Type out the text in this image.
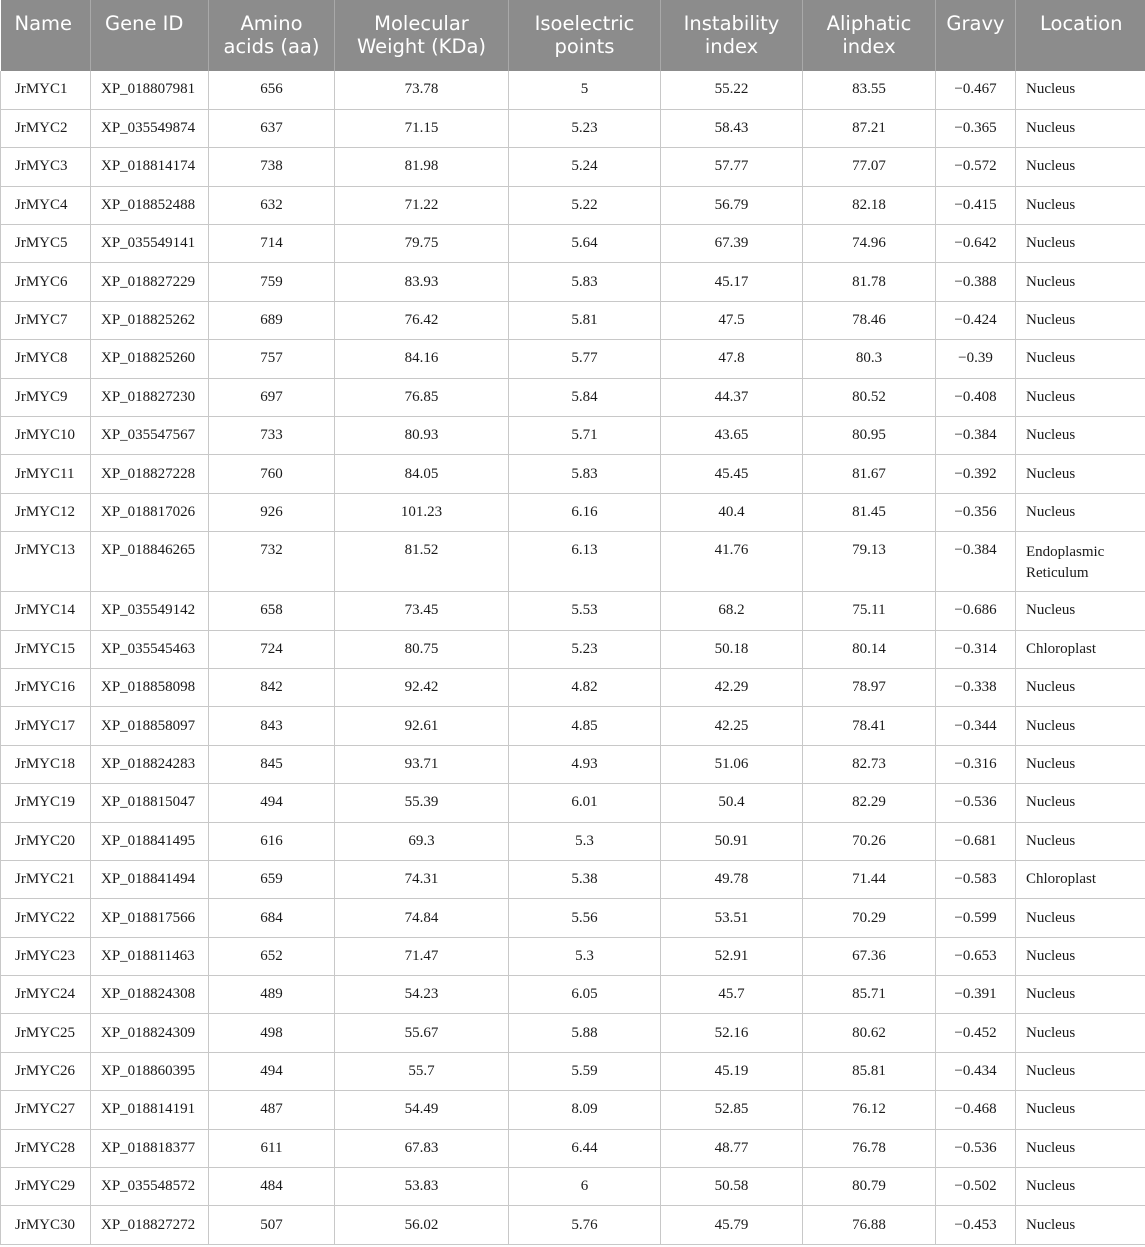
Name	Gene ID	Amino acids (aa)	Molecular Weight (KDa)	Isoelectric points	Instability index	Aliphatic index	Gravy	Location
JrMYC1	XP_018807981	656	73.78	5	55.22	83.55	−0.467	Nucleus
JrMYC2	XP_035549874	637	71.15	5.23	58.43	87.21	−0.365	Nucleus
JrMYC3	XP_018814174	738	81.98	5.24	57.77	77.07	−0.572	Nucleus
JrMYC4	XP_018852488	632	71.22	5.22	56.79	82.18	−0.415	Nucleus
JrMYC5	XP_035549141	714	79.75	5.64	67.39	74.96	−0.642	Nucleus
JrMYC6	XP_018827229	759	83.93	5.83	45.17	81.78	−0.388	Nucleus
JrMYC7	XP_018825262	689	76.42	5.81	47.5	78.46	−0.424	Nucleus
JrMYC8	XP_018825260	757	84.16	5.77	47.8	80.3	−0.39	Nucleus
JrMYC9	XP_018827230	697	76.85	5.84	44.37	80.52	−0.408	Nucleus
JrMYC10	XP_035547567	733	80.93	5.71	43.65	80.95	−0.384	Nucleus
JrMYC11	XP_018827228	760	84.05	5.83	45.45	81.67	−0.392	Nucleus
JrMYC12	XP_018817026	926	101.23	6.16	40.4	81.45	−0.356	Nucleus
JrMYC13	XP_018846265	732	81.52	6.13	41.76	79.13	−0.384	Endoplasmic Reticulum
JrMYC14	XP_035549142	658	73.45	5.53	68.2	75.11	−0.686	Nucleus
JrMYC15	XP_035545463	724	80.75	5.23	50.18	80.14	−0.314	Chloroplast
JrMYC16	XP_018858098	842	92.42	4.82	42.29	78.97	−0.338	Nucleus
JrMYC17	XP_018858097	843	92.61	4.85	42.25	78.41	−0.344	Nucleus
JrMYC18	XP_018824283	845	93.71	4.93	51.06	82.73	−0.316	Nucleus
JrMYC19	XP_018815047	494	55.39	6.01	50.4	82.29	−0.536	Nucleus
JrMYC20	XP_018841495	616	69.3	5.3	50.91	70.26	−0.681	Nucleus
JrMYC21	XP_018841494	659	74.31	5.38	49.78	71.44	−0.583	Chloroplast
JrMYC22	XP_018817566	684	74.84	5.56	53.51	70.29	−0.599	Nucleus
JrMYC23	XP_018811463	652	71.47	5.3	52.91	67.36	−0.653	Nucleus
JrMYC24	XP_018824308	489	54.23	6.05	45.7	85.71	−0.391	Nucleus
JrMYC25	XP_018824309	498	55.67	5.88	52.16	80.62	−0.452	Nucleus
JrMYC26	XP_018860395	494	55.7	5.59	45.19	85.81	−0.434	Nucleus
JrMYC27	XP_018814191	487	54.49	8.09	52.85	76.12	−0.468	Nucleus
JrMYC28	XP_018818377	611	67.83	6.44	48.77	76.78	−0.536	Nucleus
JrMYC29	XP_035548572	484	53.83	6	50.58	80.79	−0.502	Nucleus
JrMYC30	XP_018827272	507	56.02	5.76	45.79	76.88	−0.453	Nucleus
